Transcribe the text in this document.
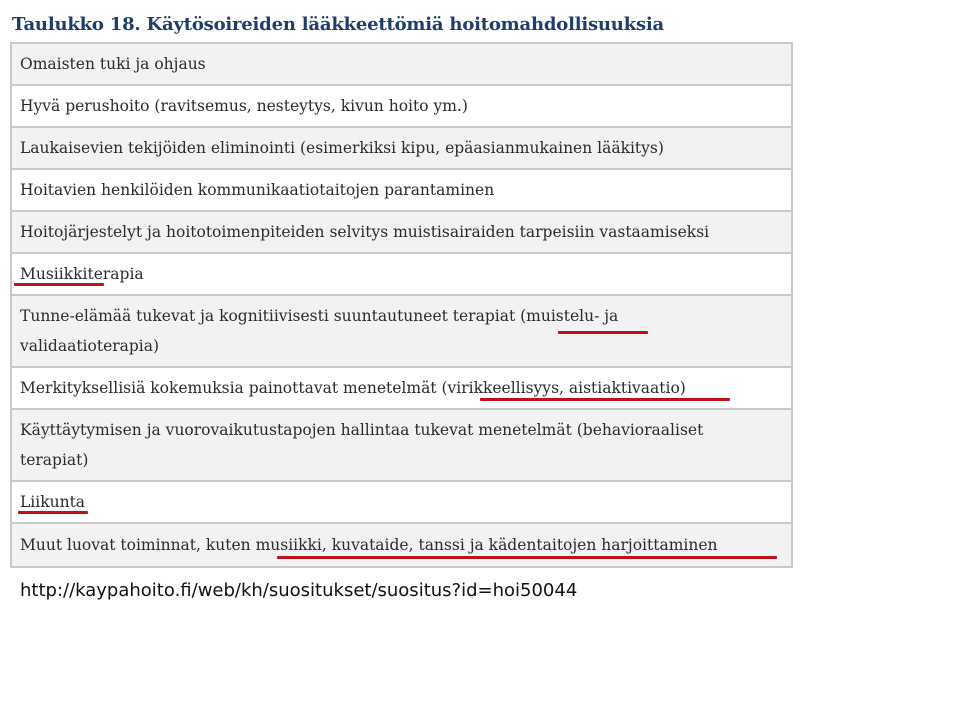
Taulukko 18. Käytösoireiden lääkkeettömiä hoitomahdollisuuksia
Omaisten tuki ja ohjaus
Hyvä perushoito (ravitsemus, nesteytys, kivun hoito ym.)
Laukaisevien tekijöiden eliminointi (esimerkiksi kipu, epäasianmukainen lääkitys)
Hoitavien henkilöiden kommunikaatiotaitojen parantaminen
Hoitojärjestelyt ja hoitotoimenpiteiden selvitys muistisairaiden tarpeisiin vastaamiseksi
Musiikkiterapia
Tunne-elämää tukevat ja kognitiivisesti suuntautuneet terapiat (muistelu- ja
validaatioterapia)
Merkityksellisiä kokemuksia painottavat menetelmät (virikkeellisyys, aistiaktivaatio)
Käyttäytymisen ja vuorovaikutustapojen hallintaa tukevat menetelmät (behavioraaliset
terapiat)
Liikunta
Muut luovat toiminnat, kuten musiikki, kuvataide, tanssi ja kädentaitojen harjoittaminen
http://kaypahoito.fi/web/kh/suositukset/suositus?id=hoi50044
